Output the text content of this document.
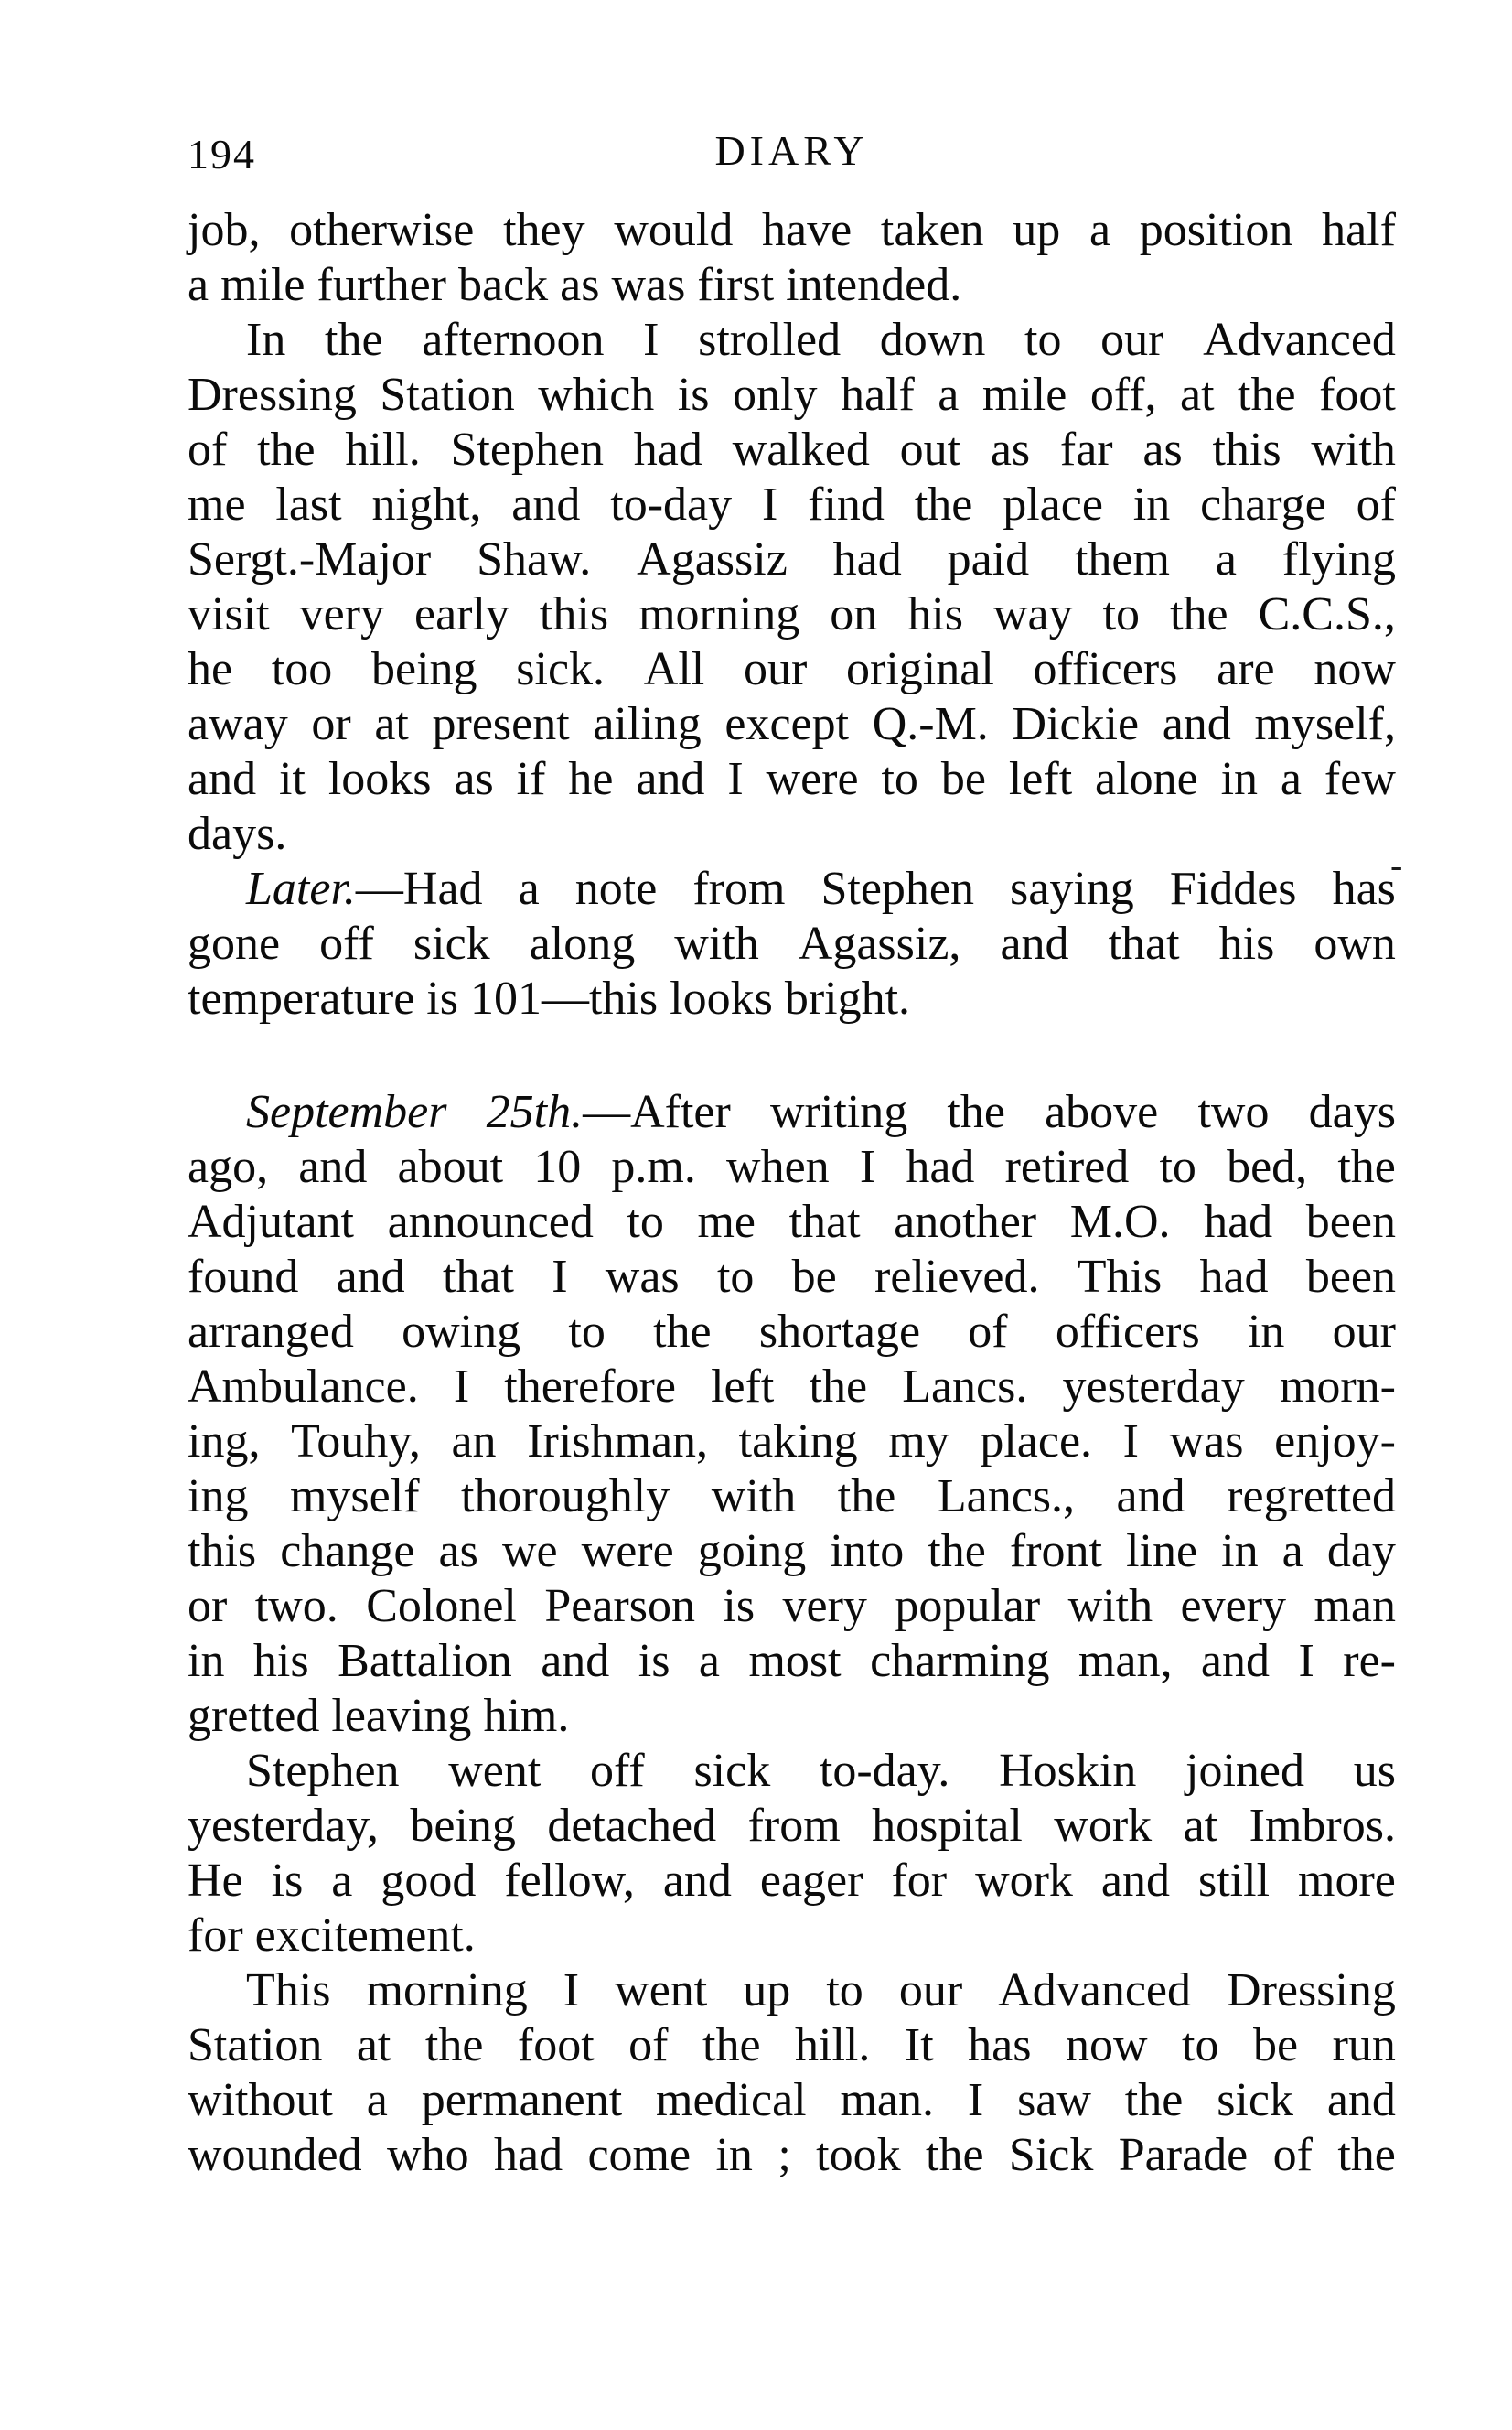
194	DIARY
job, otherwise they would have taken up a position half
a mile further back as was first intended.
In the afternoon I strolled down to our Advanced
Dressing Station which is only half a mile off, at the foot
of the hill. Stephen had walked out as far as this with
me last night, and to-day I find the place in charge of
Sergt.-Major Shaw. Agassiz had paid them a flying
visit very early this morning on his way to the C.C.S.,
he too being sick. All our original officers are now
away or at present ailing except Q.-M. Dickie and myself,
and it looks as if he and I were to be left alone in a few
days.
Later.—Had a note from Stephen saying Fiddes has
gone off sick along with Agassiz, and that his own
temperature is 101—this looks bright.
September 25th.—After writing the above two days
ago, and about 10 p.m. when I had retired to bed, the
Adjutant announced to me that another M.O. had been
found and that I was to be relieved. This had been
arranged owing to the shortage of officers in our
Ambulance. I therefore left the Lancs. yesterday morn-
ing, Touhy, an Irishman, taking my place. I was enjoy-
ing myself thoroughly with the Lancs., and regretted
this change as we were going into the front line in a day
or two. Colonel Pearson is very popular with every man
in his Battalion and is a most charming man, and I re-
gretted leaving him.
Stephen went off sick to-day. Hoskin joined us
yesterday, being detached from hospital work at Imbros.
He is a good fellow, and eager for work and still more
for excitement.
This morning I went up to our Advanced Dressing
Station at the foot of the hill. It has now to be run
without a permanent medical man. I saw the sick and
wounded who had come in ; took the Sick Parade of the
-
